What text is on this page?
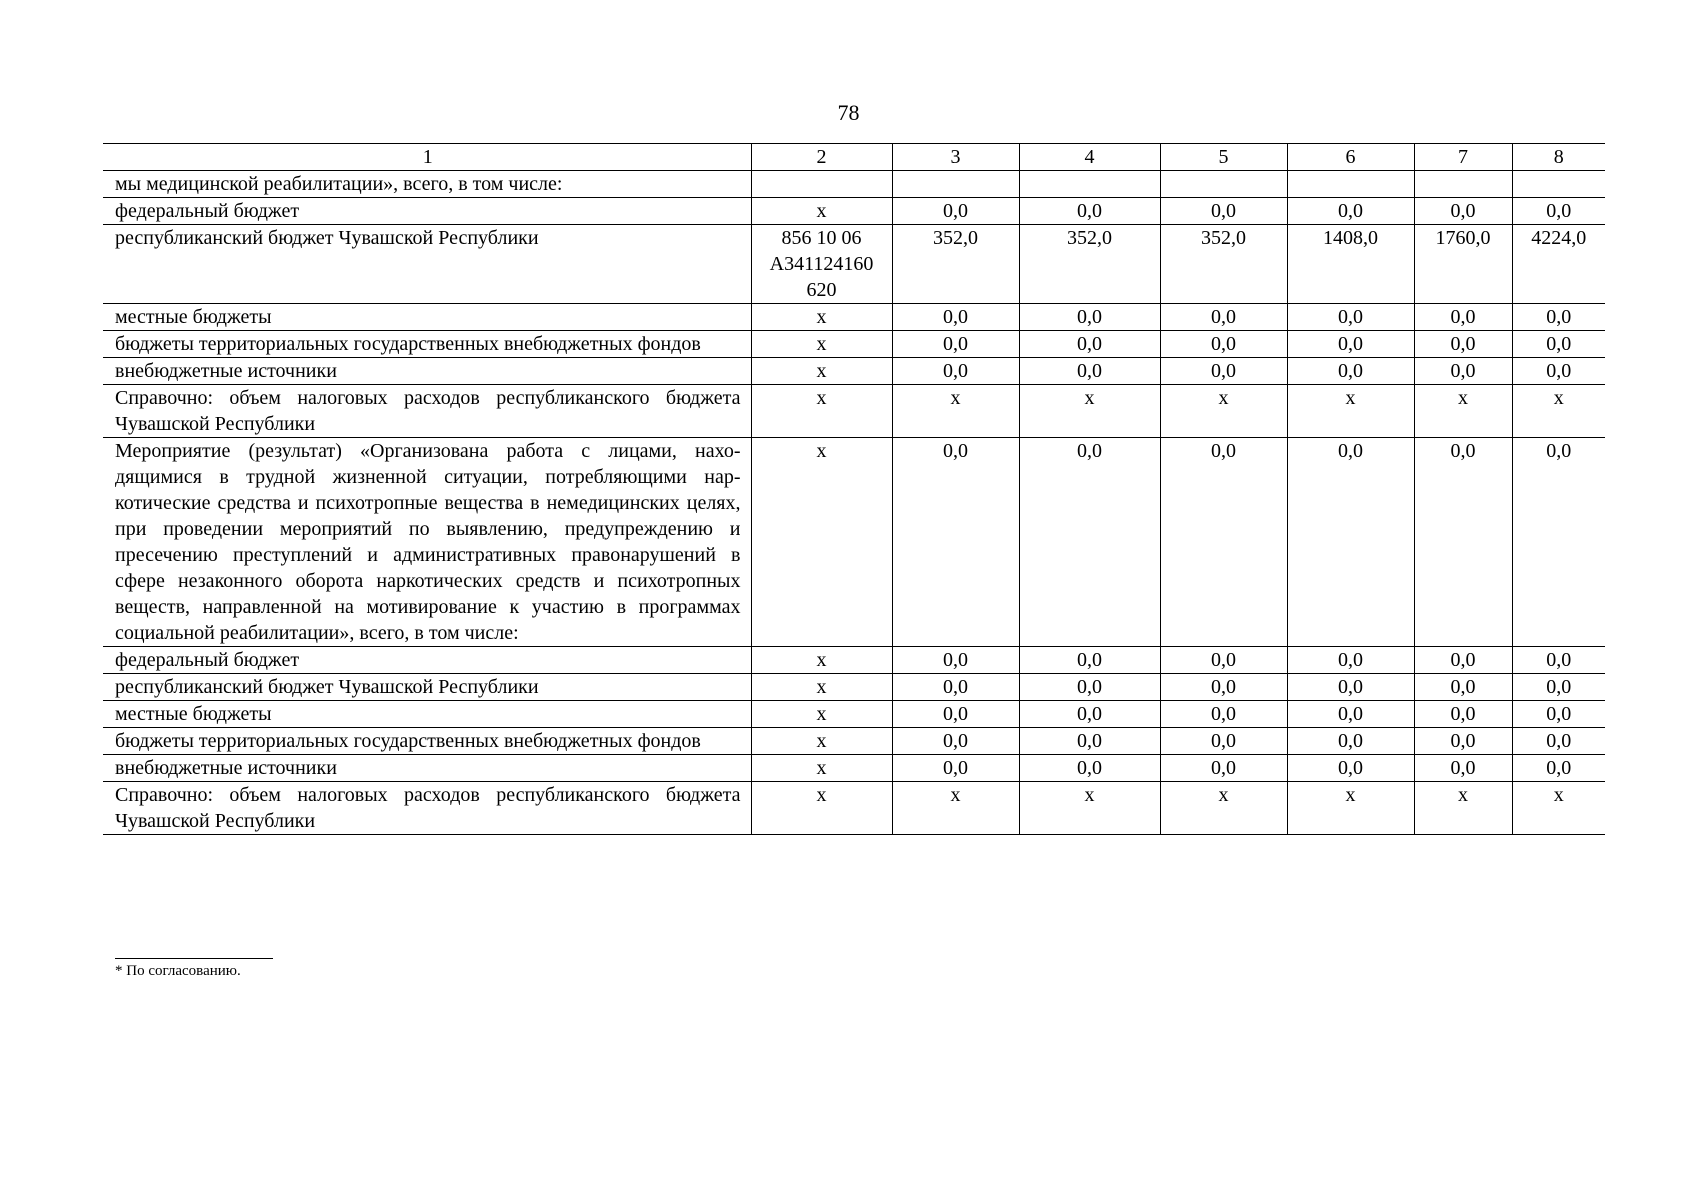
78
1	2	3	4	5	6	7	8
мы медицинской реабилитации», всего, в том числе:							
федеральный бюджет	х	0,0	0,0	0,0	0,0	0,0	0,0
республиканский бюджет Чувашской Республики	856 10 06 А341124160 620	352,0	352,0	352,0	1408,0	1760,0	4224,0
местные бюджеты	х	0,0	0,0	0,0	0,0	0,0	0,0
бюджеты территориальных государственных внебюджетных фондов	х	0,0	0,0	0,0	0,0	0,0	0,0
внебюджетные источники	х	0,0	0,0	0,0	0,0	0,0	0,0
Справочно: объем налоговых расходов республиканского бюджета Чувашской Республики	х	х	х	х	х	х	х
Мероприятие (результат) «Организована работа с лицами, находящимися в трудной жизненной ситуации, потребляющими наркотические средства и психотропные вещества в немедицинских целях, при проведении мероприятий по выявлению, предупреждению и пресечению преступлений и административных правонарушений в сфере незаконного оборота наркотических средств и психотропных веществ, направленной на мотивирование к участию в программах социальной реабилитации», всего, в том числе:	х	0,0	0,0	0,0	0,0	0,0	0,0
федеральный бюджет	х	0,0	0,0	0,0	0,0	0,0	0,0
республиканский бюджет Чувашской Республики	х	0,0	0,0	0,0	0,0	0,0	0,0
местные бюджеты	х	0,0	0,0	0,0	0,0	0,0	0,0
бюджеты территориальных государственных внебюджетных фондов	х	0,0	0,0	0,0	0,0	0,0	0,0
внебюджетные источники	х	0,0	0,0	0,0	0,0	0,0	0,0
Справочно: объем налоговых расходов республиканского бюджета Чувашской Республики	х	х	х	х	х	х	х
* По согласованию.
